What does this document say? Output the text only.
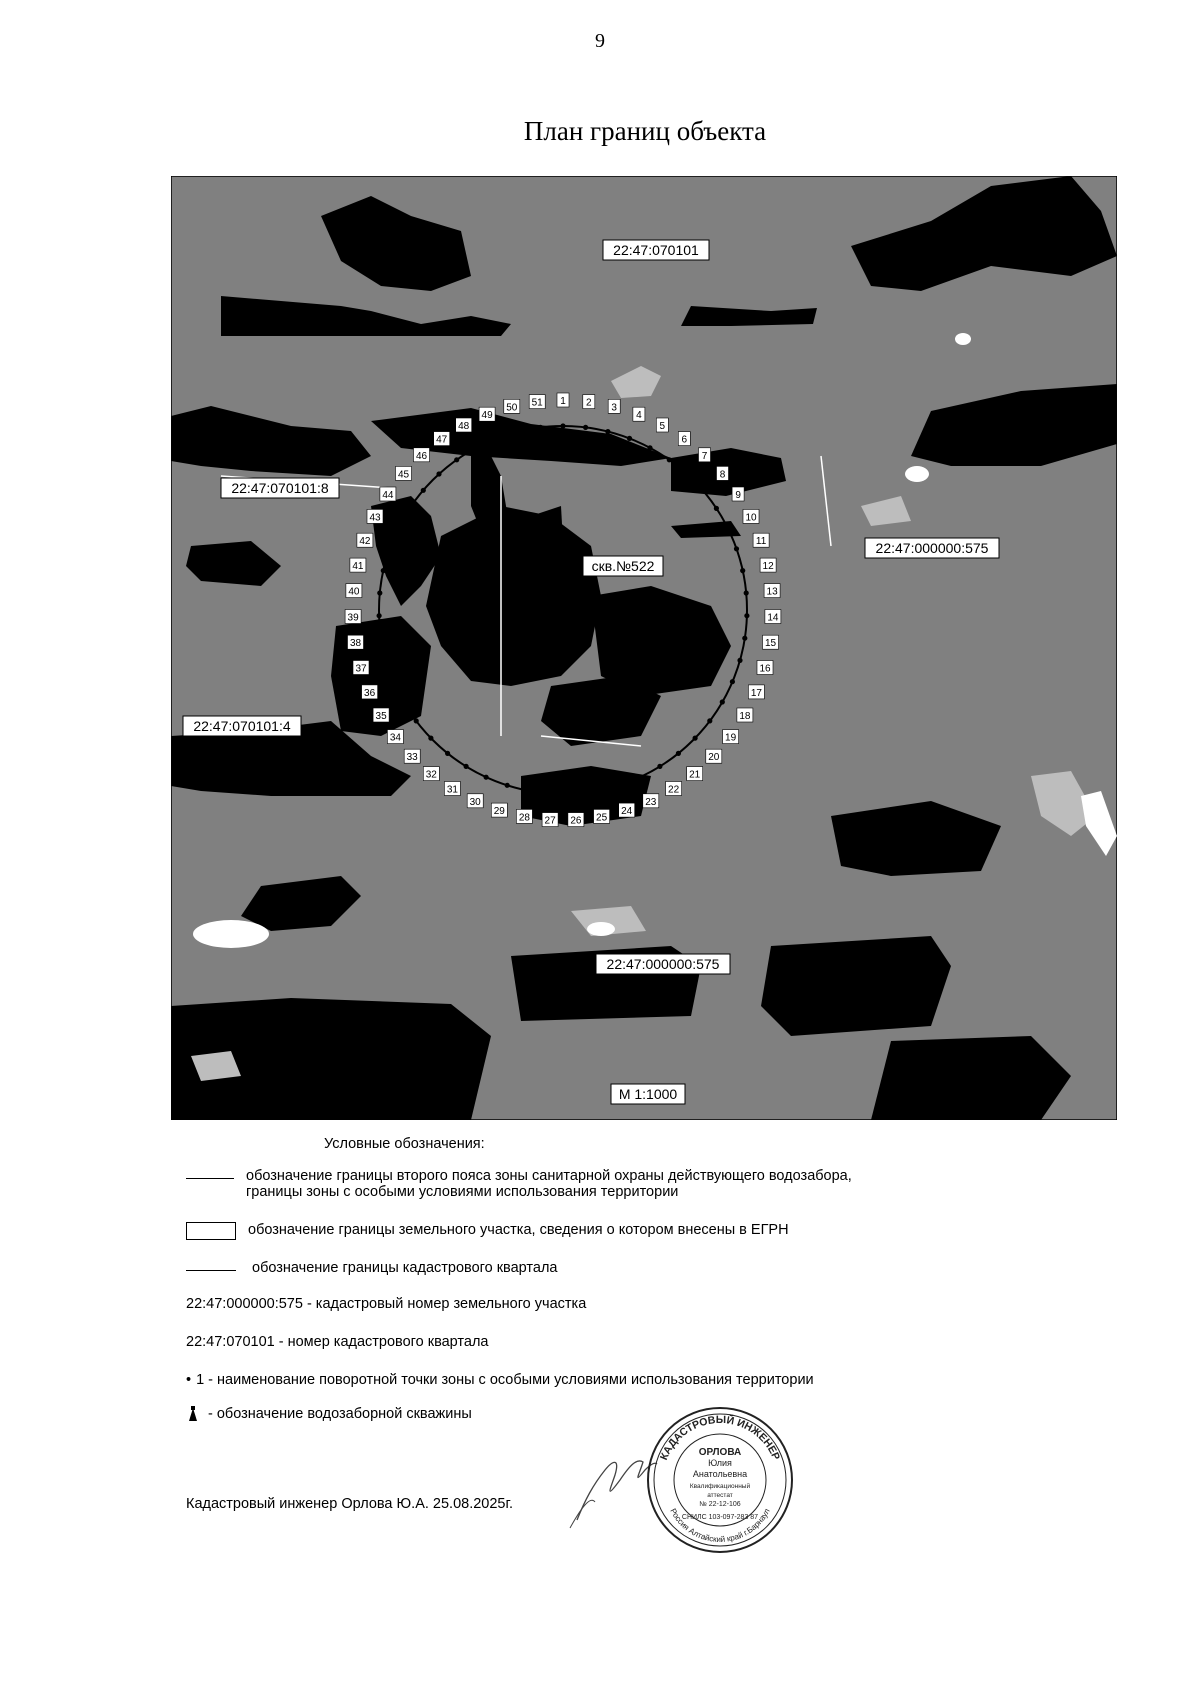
9
План границ объекта
1 2 3
4
5
6
7
8
9
10
11
12
13
14
15
16
17
18
19
20
21
22
23
24
25
26
27
28
29
30
31
32
33
34
35
36
37
38
39
40
41
42
43
44
45
46
47
48
49
50 51
22:47:070101
22:47:070101:8
22:47:000000:575
скв.№522
22:47:070101:4
22:47:000000:575
М 1:1000
Условные обозначения:
обозначение границы второго пояса зоны санитарной охраны действующего водозабора,
границы зоны с особыми условиями использования территории
обозначение границы земельного участка, сведения о котором внесены в ЕГРН
обозначение границы кадастрового квартала
22:47:000000:575 - кадастровый номер земельного участка
22:47:070101 - номер кадастрового квартала
• 1 - наименование поворотной точки зоны с особыми условиями использования территории
- обозначение водозаборной скважины
Кадастровый инженер Орлова Ю.А. 25.08.2025г.
КАДАСТРОВЫЙ ИНЖЕНЕР
Россия Алтайский край г.Барнаул
ОРЛОВА
Юлия
Анатольевна
Квалификационный
аттестат
№ 22-12-106
СНИЛС 103-097-283 87
